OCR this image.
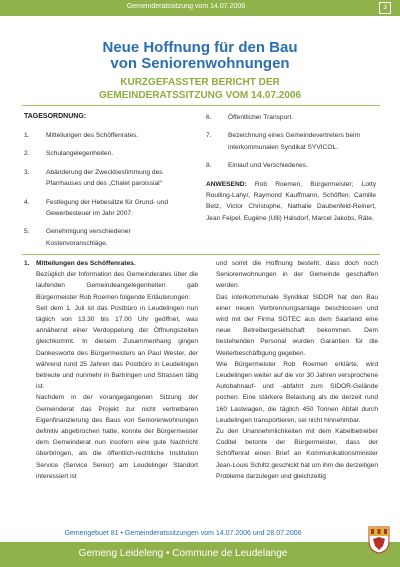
Gemeinderatssitzung vom 14.07.2006	3
Neue Hoffnung für den Bau
von Seniorenwohnungen
KURZGEFASSTER BERICHT DER
GEMEINDERATSSITZUNG VOM 14.07.2006
TAGESORDNUNG:
1.	Mitteilungen des Schöffenrates.
2.	Schulangelegenheiten.
3.	Abänderung der Zweckbestimmung des Pfarrhauses und des „Chalet paroissial“
4.	Festlegung der Hebesätze für Grund- und Gewerbesteuer im Jahr 2007.
5.	Genehmigung verschiedener Kostenvoranschläge.
6.	Öffentlicher Transport.
7.	Bezeichnung eines Gemeindevertreters beim interkommunalen Syndikat SYVICOL.
8.	Einlauf und Verschiedenes.
ANWESEND: Rob Roemen, Bürgermeister; Lotty Roulling-Lahyr, Raymond Kauffmann, Schöffen; Camille Betz, Victor Christophe, Nathalie Daubenfeld-Reinert, Jean Feipel, Eugène (Ulli) Halsdorf, Marcel Jakobs, Räte.
1. Mitteilungen des Schöffenrates.
Bezüglich der Information des Gemeinderates über die laufenden Gemeindeangelegenheiten gab Bürgermeister Rob Roemen folgende Erläuterungen:
Seit dem 1. Juli ist das Postbüro in Leudelingen nun täglich von 13.30 bis 17.00 Uhr geöffnet, was annähernd einer Verdoppelung der Öffnungszeiten gleichkommt. In diesem Zusammenhang gingen Dankesworte des Bürgermeisters an Paul Wester, der während rund 25 Jahren das Postbüro in Leudelingen betreute und nunmehr in Bartringen und Strassen tätig ist.
Nachdem in der vorangegangenen Sitzung der Gemeinderat das Projekt zur nicht vertretbaren Eigenfinanzierung des Baus von Seniorenwohnungen definitiv abgebrochen hatte, konnte der Bürgermeister dem Gemeinderat nun insofern eine gute Nachricht überbringen, als die öffentlich-rechtliche Institution Service (Service Senior) am Leudelinger Standort interessiert ist
und somit die Hoffnung besteht, dass doch noch Seniorenwohnungen in der Gemeinde geschaffen werden.
Das interkommunale Syndikat SIDOR hat den Bau einer neuen Verbrennungsanlage beschlossen und wird mit der Firma SOTEC aus dem Saarland eine neue Betreibergesellschaft bekommen. Dem bestehenden Personal wurden Garantien für die Weiterbeschäftigung gegeben.
Wie Bürgermeister Rob Roemen erklärte, wird Leudelingen weiter auf die vor 30 Jahren versprochene Autobahnauf- und -abfahrt zum SIDOR-Gelände pochen. Eine stärkere Belastung als die derzeit rund 160 Lastwagen, die täglich 450 Tonnen Abfall durch Leudelingen transportieren, sei nicht hinnehmbar.
Zu den Unannehmlichkeiten mit dem Kabelbetreiber Coditel betonte der Bürgermeister, dass der Schöffenrat einen Brief an Kommunikationsminister Jean-Louis Schiltz geschickt hat um ihm die derzeitigen Probleme darzulegen und gleichzeitig
Gemengebuet 81 • Gemeinderatssitzungen vom 14.07.2006 und 28.07.2006
Gemeng Leideleng • Commune de Leudelange
